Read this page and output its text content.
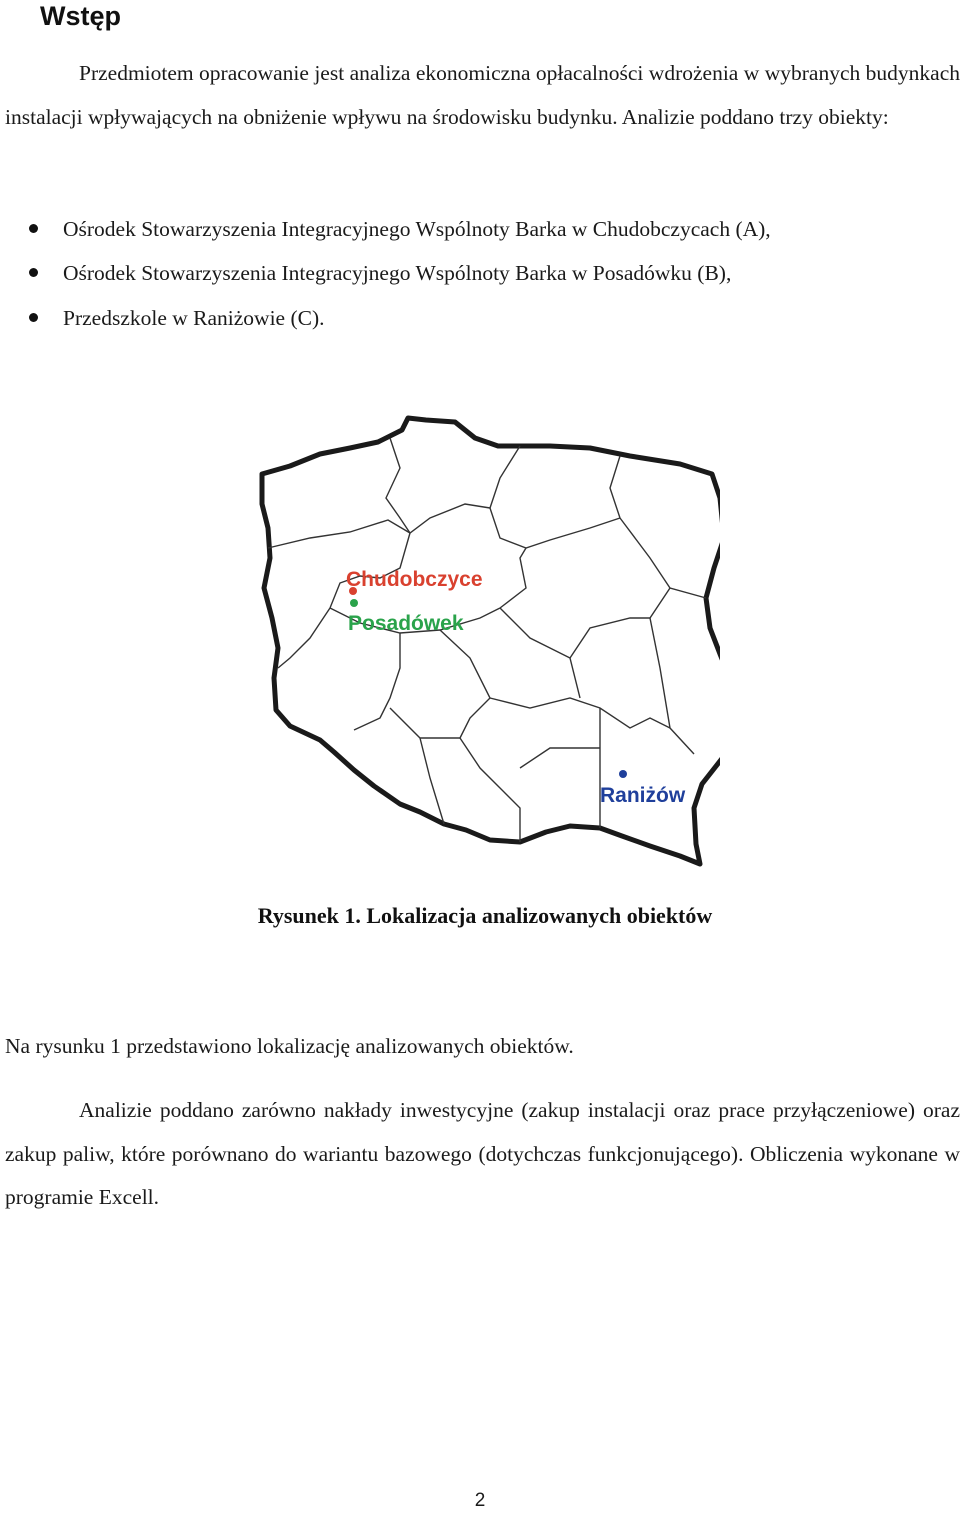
Wstęp

Przedmiotem opracowanie jest analiza ekonomiczna opłacalności wdrożenia w wybranych budynkach instalacji wpływających na obniżenie wpływu na środowisku budynku. Analizie poddano trzy obiekty:

Ośrodek Stowarzyszenia Integracyjnego Wspólnoty Barka w Chudobczycach (A),
Ośrodek Stowarzyszenia Integracyjnego Wspólnoty Barka w Posadówku (B),
Przedszkole w Raniżowie (C).
Chudobczyce
Posadówek
Raniżów

Rysunek 1. Lokalizacja analizowanych obiektów

Na rysunku 1 przedstawiono lokalizację analizowanych obiektów.

Analizie poddano zarówno nakłady inwestycyjne (zakup instalacji oraz prace przyłączeniowe) oraz zakup paliw, które porównano do wariantu bazowego (dotychczas funkcjonującego). Obliczenia wykonane w programie Excell.

2
